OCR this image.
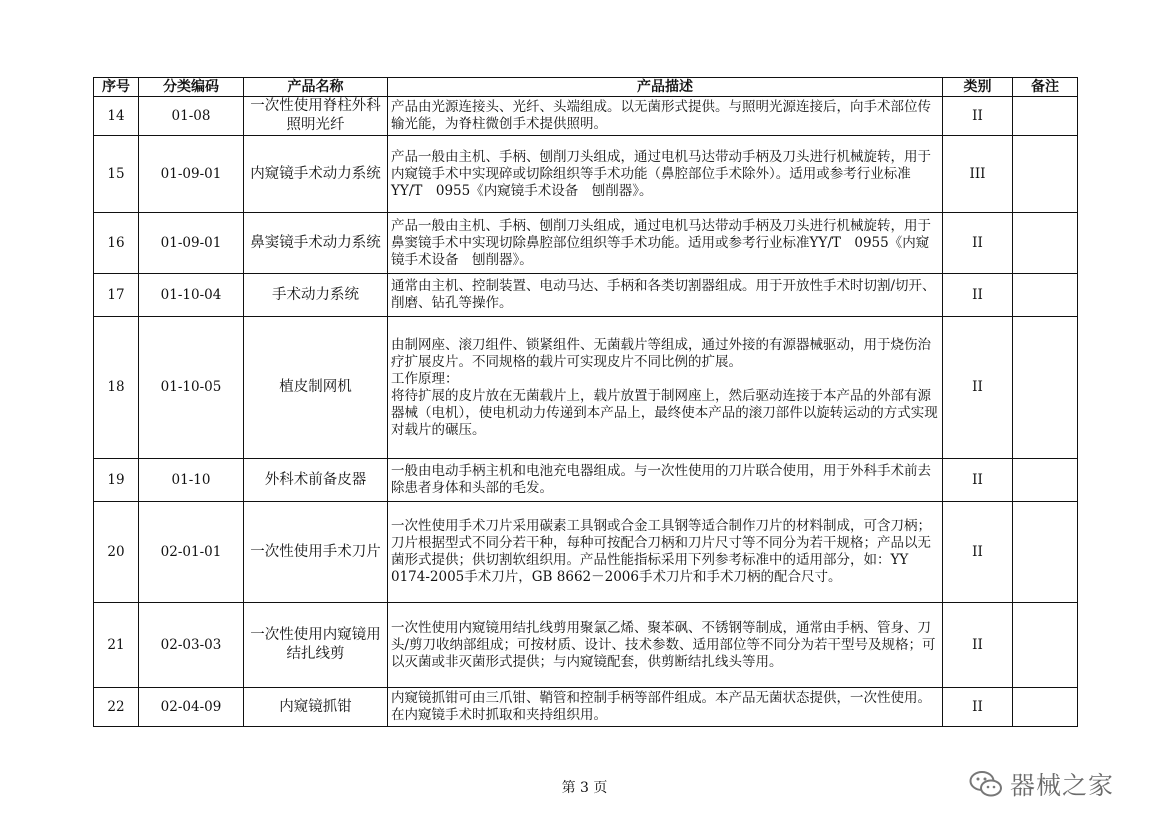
序号	分类编码	产品名称	产品描述	类别	备注
14	01-08	一次性使用脊柱外科照明光纤	产品由光源连接头、光纤、头端组成。以无菌形式提供。与照明光源连接后，向手术部位传输光能，为脊柱微创手术提供照明。	II	
15	01-09-01	内窥镜手术动力系统	产品一般由主机、手柄、刨削刀头组成，通过电机马达带动手柄及刀头进行机械旋转，用于内窥镜手术中实现碎或切除组织等手术功能（鼻腔部位手术除外）。适用或参考行业标准YY/T　0955《内窥镜手术设备　刨削器》。	III	
16	01-09-01	鼻窦镜手术动力系统	产品一般由主机、手柄、刨削刀头组成，通过电机马达带动手柄及刀头进行机械旋转，用于鼻窦镜手术中实现切除鼻腔部位组织等手术功能。适用或参考行业标准YY/T　0955《内窥镜手术设备　刨削器》。	II	
17	01-10-04	手术动力系统	通常由主机、控制装置、电动马达、手柄和各类切割器组成。用于开放性手术时切割/切开、削磨、钻孔等操作。	II	
18	01-10-05	植皮制网机	由制网座、滚刀组件、锁紧组件、无菌载片等组成，通过外接的有源器械驱动，用于烧伤治疗扩展皮片。不同规格的载片可实现皮片不同比例的扩展。
工作原理：
将待扩展的皮片放在无菌载片上，载片放置于制网座上，然后驱动连接于本产品的外部有源器械（电机），使电机动力传递到本产品上，最终使本产品的滚刀部件以旋转运动的方式实现对载片的碾压。	II	
19	01-10	外科术前备皮器	一般由电动手柄主机和电池充电器组成。与一次性使用的刀片联合使用，用于外科手术前去除患者身体和头部的毛发。	II	
20	02-01-01	一次性使用手术刀片	一次性使用手术刀片采用碳素工具钢或合金工具钢等适合制作刀片的材料制成，可含刀柄；刀片根据型式不同分若干种，每种可按配合刀柄和刀片尺寸等不同分为若干规格；产品以无菌形式提供；供切割软组织用。产品性能指标采用下列参考标准中的适用部分，如：YY 0174-2005手术刀片，GB 8662－2006手术刀片和手术刀柄的配合尺寸。	II	
21	02-03-03	一次性使用内窥镜用结扎线剪	一次性使用内窥镜用结扎线剪用聚氯乙烯、聚苯砜、不锈钢等制成，通常由手柄、管身、刀头/剪刀收纳部组成；可按材质、设计、技术参数、适用部位等不同分为若干型号及规格；可以灭菌或非灭菌形式提供；与内窥镜配套，供剪断结扎线头等用。	II	
22	02-04-09	内窥镜抓钳	内窥镜抓钳可由三爪钳、鞘管和控制手柄等部件组成。本产品无菌状态提供，一次性使用。在内窥镜手术时抓取和夹持组织用。	II	
第 3 页	器械之家
